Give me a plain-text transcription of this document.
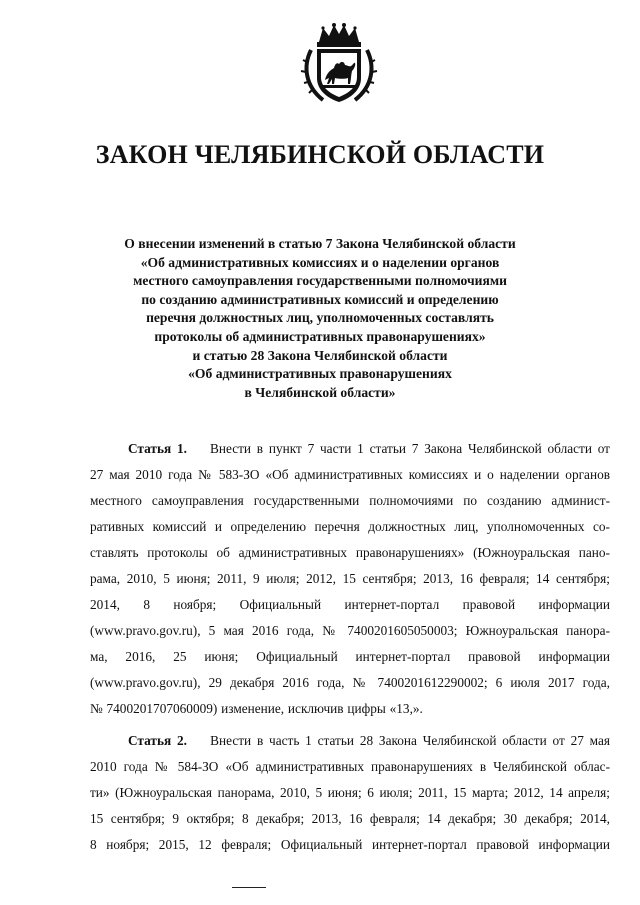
ЗАКОН ЧЕЛЯБИНСКОЙ ОБЛАСТИ
О внесении изменений в статью 7 Закона Челябинской области
«Об административных комиссиях и о наделении органов
местного самоуправления государственными полномочиями
по созданию административных комиссий и определению
перечня должностных лиц, уполномоченных составлять
протоколы об административных правонарушениях»
и статью 28 Закона Челябинской области
«Об административных правонарушениях
в Челябинской области»
Статья 1. Внести в пункт 7 части 1 статьи 7 Закона Челябинской области от
27 мая 2010 года № 583-ЗО «Об административных комиссиях и о наделении органов
местного самоуправления государственными полномочиями по созданию админист-
ративных комиссий и определению перечня должностных лиц, уполномоченных со-
ставлять протоколы об административных правонарушениях» (Южноуральская пано-
рама, 2010, 5 июня; 2011, 9 июля; 2012, 15 сентября; 2013, 16 февраля; 14 сентября;
2014, 8 ноября; Официальный интернет-портал правовой информации
(www.pravo.gov.ru), 5 мая 2016 года, № 7400201605050003; Южноуральская панора-
ма, 2016, 25 июня; Официальный интернет-портал правовой информации
(www.pravo.gov.ru), 29 декабря 2016 года, № 7400201612290002; 6 июля 2017 года,
№ 7400201707060009) изменение, исключив цифры «13,».
Статья 2. Внести в часть 1 статьи 28 Закона Челябинской области от 27 мая
2010 года № 584-ЗО «Об административных правонарушениях в Челябинской облас-
ти» (Южноуральская панорама, 2010, 5 июня; 6 июля; 2011, 15 марта; 2012, 14 апреля;
15 сентября; 9 октября; 8 декабря; 2013, 16 февраля; 14 декабря; 30 декабря; 2014,
8 ноября; 2015, 12 февраля; Официальный интернет-портал правовой информации
